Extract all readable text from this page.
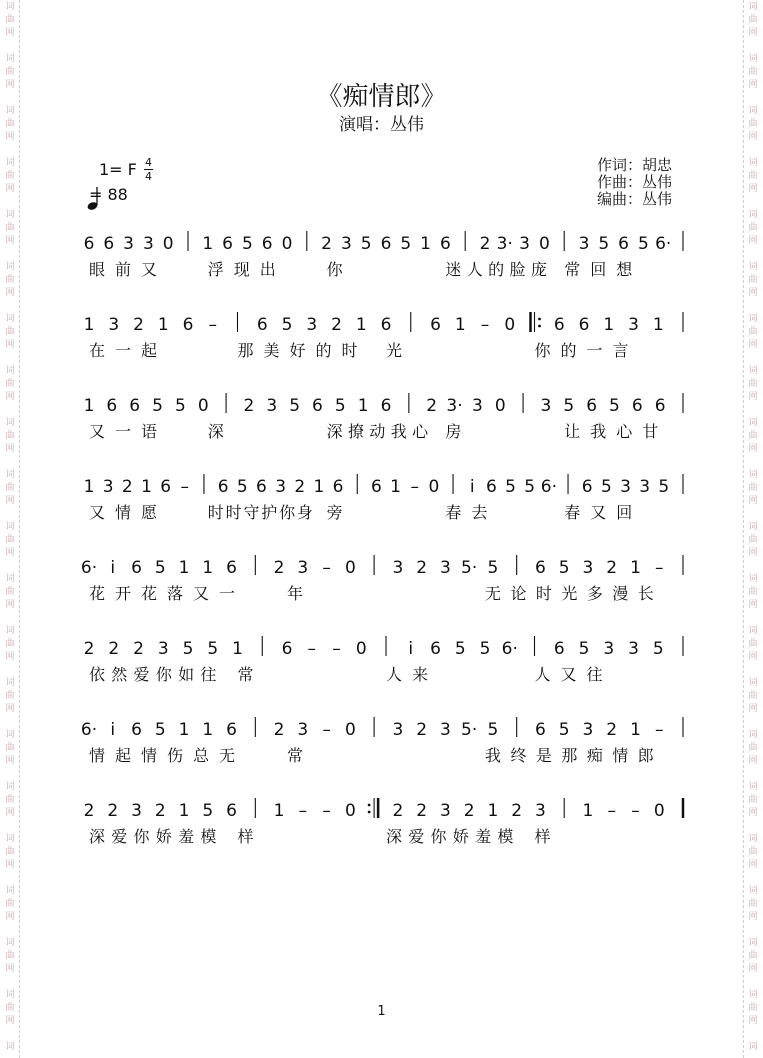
词
曲
网
词
曲
网
词
曲
网
词
曲
网
词
曲
网
词
曲
网
词
曲
网
词
曲
网
词
曲
网
词
曲
网
词
曲
网
词
曲
网
词
曲
网
词
曲
网
词
曲
网
词
曲
网
词
曲
网
词
曲
网
词
曲
网
词
曲
网
词
词
曲
网
词
曲
网
词
曲
网
词
曲
网
词
曲
网
词
曲
网
词
曲
网
词
曲
网
词
曲
网
词
曲
网
词
曲
网
词
曲
网
词
曲
网
词
曲
网
词
曲
网
词
曲
网
词
曲
网
词
曲
网
词
曲
网
词
曲
网
词
《痴情郎》
演唱：丛伟
1= F 4
4
= 88
作词：胡忠
作曲：丛伟
编曲：丛伟
6 6 3 3 0 1 6 5 6 0 2 3 5 6 5 1 6 2 3· 3 0 3 5 6 5 6·
眼 前 又	浮 现 出	你	迷 人 的 脸 庞 常 回 想
1 3 2 1 6 – 6 5 3 2 1 6 6 1 – 0 6 6 1 3 1
在 一 起	那 美 好 的 时 光	你 的 一 言
1 6 6 5 5 0 2 3 5 6 5 1 6 2 3· 3 0 3 5 6 5 6 6
又 一 语	深	深 撩 动 我 心 房	让 我 心 甘
1 3 2 1 6 – 6 5 6 3 2 1 6 6 1 – 0 i 6 5 5 6· 6 5 3 3 5
又 情 愿	时 时 守 护 你 身 旁	春 去	春 又 回
6· i 6 5 1 1 6 2 3 – 0 3 2 3 5· 5 6 5 3 2 1 –
花 开 花 落 又 一	年	无 论 时 光 多 漫 长
2 2 2 3 5 5 1 6 – – 0 i 6 5 5 6· 6 5 3 3 5
依 然 爱 你 如 往 常	人 来	人 又 往
6· i 6 5 1 1 6 2 3 – 0 3 2 3 5· 5 6 5 3 2 1 –
情 起 情 伤 总 无	常	我 终 是 那 痴 情 郎
2 2 3 2 1 5 6 1 – – 0 2 2 3 2 1 2 3 1 – – 0
深 爱 你 娇 羞 模 样	深 爱 你 娇 羞 模 样
1
